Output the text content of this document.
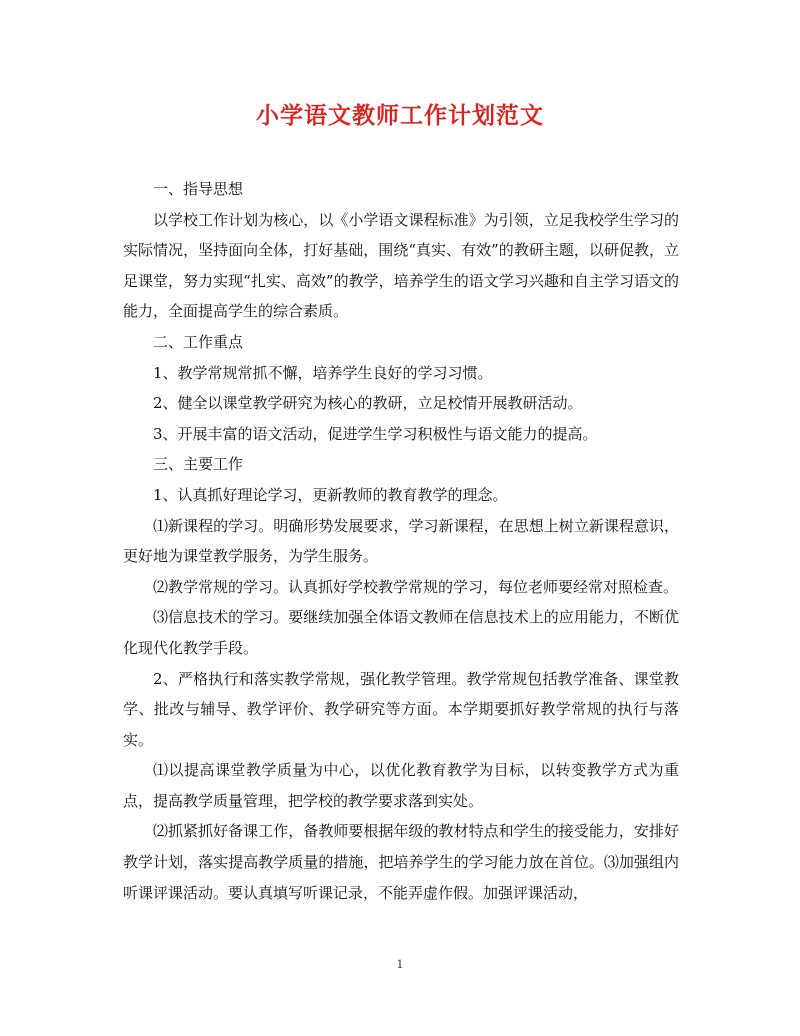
小学语文教师工作计划范文

一、指导思想

以学校工作计划为核心，以《小学语文课程标准》为引领，立足我校学生学习的实际情况，坚持面向全体，打好基础，围绕“真实、有效”的教研主题，以研促教，立足课堂，努力实现“扎实、高效”的教学，培养学生的语文学习兴趣和自主学习语文的能力，全面提高学生的综合素质。

二、工作重点

1、教学常规常抓不懈，培养学生良好的学习习惯。

2、健全以课堂教学研究为核心的教研，立足校情开展教研活动。

3、开展丰富的语文活动，促进学生学习积极性与语文能力的提高。

三、主要工作

1、认真抓好理论学习，更新教师的教育教学的理念。

⑴新课程的学习。明确形势发展要求，学习新课程，在思想上树立新课程意识，更好地为课堂教学服务，为学生服务。

⑵教学常规的学习。认真抓好学校教学常规的学习，每位老师要经常对照检查。

⑶信息技术的学习。要继续加强全体语文教师在信息技术上的应用能力，不断优化现代化教学手段。

2、严格执行和落实教学常规，强化教学管理。教学常规包括教学准备、课堂教学、批改与辅导、教学评价、教学研究等方面。本学期要抓好教学常规的执行与落实。

⑴以提高课堂教学质量为中心，以优化教育教学为目标，以转变教学方式为重点，提高教学质量管理，把学校的教学要求落到实处。

⑵抓紧抓好备课工作，备教师要根据年级的教材特点和学生的接受能力，安排好教学计划，落实提高教学质量的措施，把培养学生的学习能力放在首位。⑶加强组内听课评课活动。要认真填写听课记录，不能弄虚作假。加强评课活动，

1
